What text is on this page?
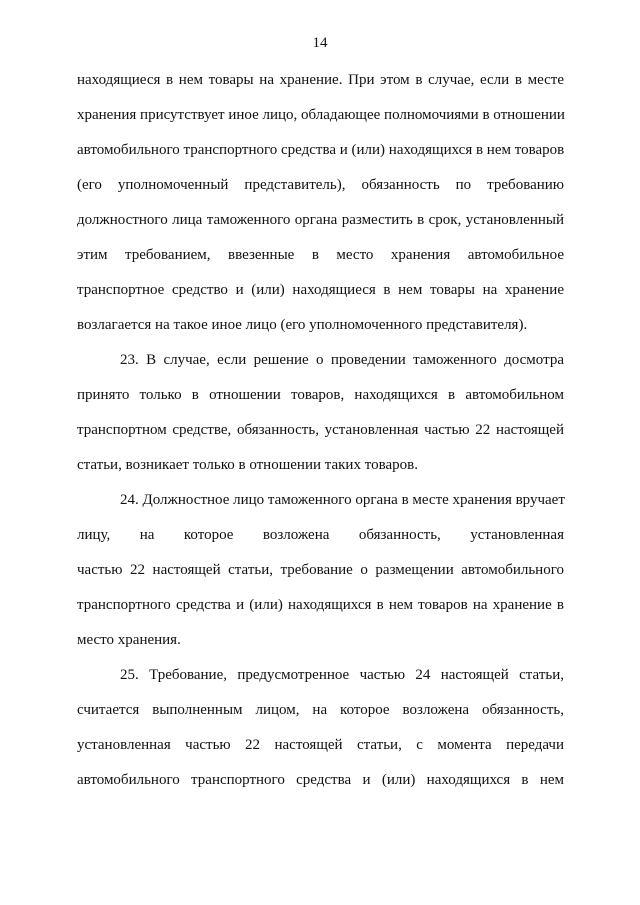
14
находящиеся в нем товары на хранение. При этом в случае, если в месте
хранения присутствует иное лицо, обладающее полномочиями в отношении
автомобильного транспортного средства и (или) находящихся в нем товаров
(его уполномоченный представитель), обязанность по требованию
должностного лица таможенного органа разместить в срок, установленный
этим требованием, ввезенные в место хранения автомобильное
транспортное средство и (или) находящиеся в нем товары на хранение
возлагается на такое иное лицо (его уполномоченного представителя).
23. В случае, если решение о проведении таможенного досмотра
принято только в отношении товаров, находящихся в автомобильном
транспортном средстве, обязанность, установленная частью 22 настоящей
статьи, возникает только в отношении таких товаров.
24. Должностное лицо таможенного органа в месте хранения вручает
лицу, на которое возложена обязанность, установленная
частью 22 настоящей статьи, требование о размещении автомобильного
транспортного средства и (или) находящихся в нем товаров на хранение в
место хранения.
25. Требование, предусмотренное частью 24 настоящей статьи,
считается выполненным лицом, на которое возложена обязанность,
установленная частью 22 настоящей статьи, с момента передачи
автомобильного транспортного средства и (или) находящихся в нем
